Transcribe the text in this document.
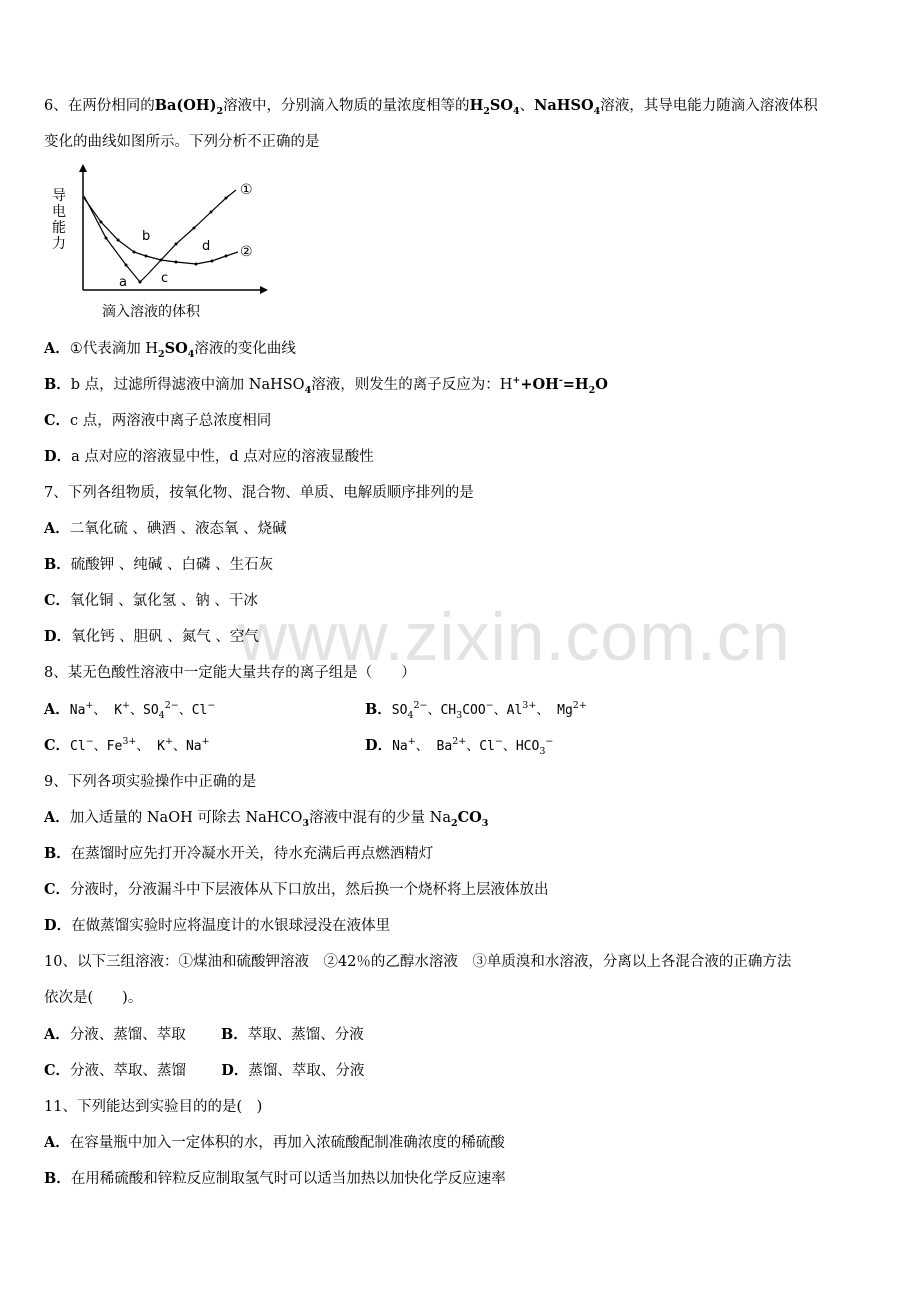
www.zixin.com.cn
6、在两份相同的$Ba(OH)_2$溶液中，分别滴入物质的量浓度相等的$H_2SO_4$、NaHSO$_4$溶液，其导电能力随滴入溶液体积
变化的曲线如图所示。下列分析不正确的是
导电能力
①
②
a
b
c
d
滴入溶液的体积
A．①代表滴加 $H_2SO_4$溶液的变化曲线
B．b 点，过滤所得滤液中滴加 NaHSO$_4$溶液，则发生的离子反应为：$H^++OH^-=H_2O$
C．c 点，两溶液中离子总浓度相同
D．a 点对应的溶液显中性，d 点对应的溶液显酸性
7、下列各组物质，按氧化物、混合物、单质、电解质顺序排列的是
A．二氧化硫 、碘酒 、液态氧 、烧碱
B．硫酸钾 、纯碱 、白磷 、生石灰
C．氧化铜 、氯化氢 、钠 、干冰
D．氧化钙 、胆矾 、氮气 、空气
8、某无色酸性溶液中一定能大量共存的离子组是（　　）
A．Na+、 K+、$SO_4^{2-}$、Cl−	B．$SO_4^{2-}$、$CH_3COO^-$、$Al^{3+}$、 $Mg^{2+}$
C．Cl−、$Fe^{3+}$、 K+、Na+	D．Na+、 $Ba^{2+}$、Cl−、$HCO_3^-$
9、下列各项实验操作中正确的是
A．加入适量的 NaOH 可除去 NaHCO$_3$溶液中混有的少量 $Na_2CO_3$
B．在蒸馏时应先打开冷凝水开关，待水充满后再点燃酒精灯
C．分液时，分液漏斗中下层液体从下口放出，然后换一个烧杯将上层液体放出
D．在做蒸馏实验时应将温度计的水银球浸没在液体里
10、以下三组溶液：①煤油和硫酸钾溶液　②42％的乙醇水溶液　③单质溴和水溶液，分离以上各混合液的正确方法
依次是(　　)。
A．分液、蒸馏、萃取 B．萃取、蒸馏、分液
C．分液、萃取、蒸馏 D．蒸馏、萃取、分液
11、下列能达到实验目的的是(　)
A．在容量瓶中加入一定体积的水，再加入浓硫酸配制准确浓度的稀硫酸
B．在用稀硫酸和锌粒反应制取氢气时可以适当加热以加快化学反应速率
